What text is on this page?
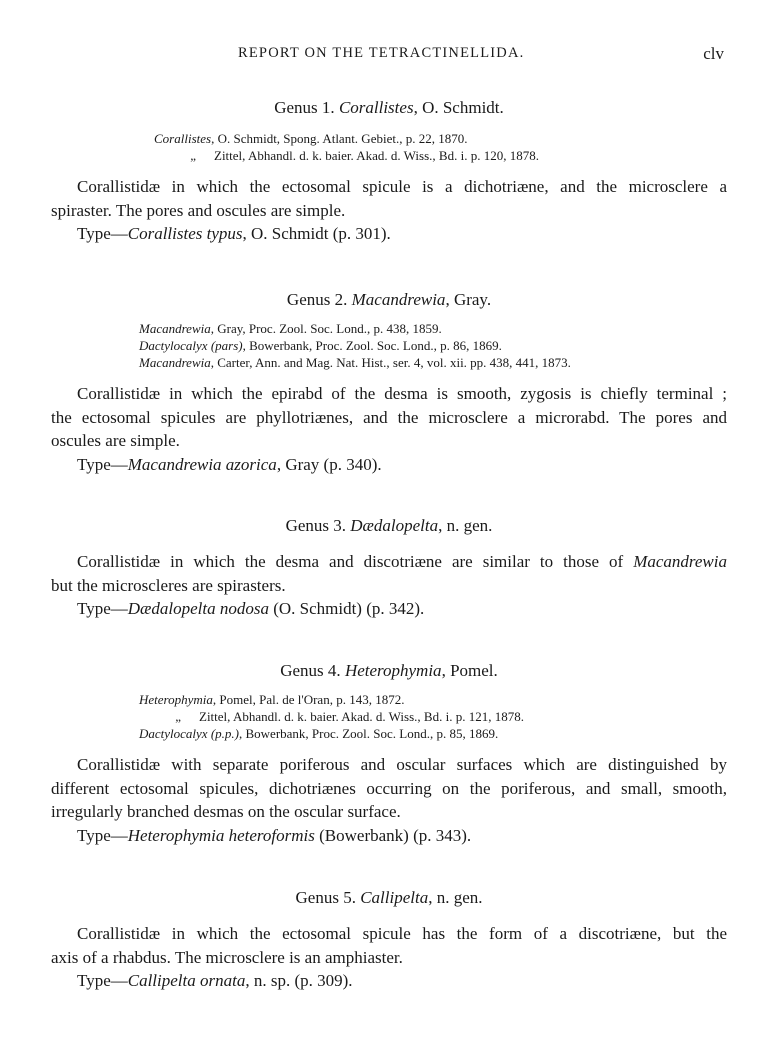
REPORT ON THE TETRACTINELLIDA.	clv
Genus 1. Corallistes, O. Schmidt.
Corallistes, O. Schmidt, Spong. Atlant. Gebiet., p. 22, 1870.
„ Zittel, Abhandl. d. k. baier. Akad. d. Wiss., Bd. i. p. 120, 1878.
Corallistidæ in which the ectosomal spicule is a dichotriæne, and the microsclere a
spiraster. The pores and oscules are simple.
Type—Corallistes typus, O. Schmidt (p. 301).
Genus 2. Macandrewia, Gray.
Macandrewia, Gray, Proc. Zool. Soc. Lond., p. 438, 1859.
Dactylocalyx (pars), Bowerbank, Proc. Zool. Soc. Lond., p. 86, 1869.
Macandrewia, Carter, Ann. and Mag. Nat. Hist., ser. 4, vol. xii. pp. 438, 441, 1873.
Corallistidæ in which the epirabd of the desma is smooth, zygosis is chiefly terminal ;
the ectosomal spicules are phyllotriænes, and the microsclere a microrabd. The pores and
oscules are simple.
Type—Macandrewia azorica, Gray (p. 340).
Genus 3. Dædalopelta, n. gen.
Corallistidæ in which the desma and discotriæne are similar to those of Macandrewia
but the microscleres are spirasters.
Type—Dædalopelta nodosa (O. Schmidt) (p. 342).
Genus 4. Heterophymia, Pomel.
Heterophymia, Pomel, Pal. de l'Oran, p. 143, 1872.
„ Zittel, Abhandl. d. k. baier. Akad. d. Wiss., Bd. i. p. 121, 1878.
Dactylocalyx (p.p.), Bowerbank, Proc. Zool. Soc. Lond., p. 85, 1869.
Corallistidæ with separate poriferous and oscular surfaces which are distinguished by
different ectosomal spicules, dichotriænes occurring on the poriferous, and small, smooth,
irregularly branched desmas on the oscular surface.
Type—Heterophymia heteroformis (Bowerbank) (p. 343).
Genus 5. Callipelta, n. gen.
Corallistidæ in which the ectosomal spicule has the form of a discotriæne, but the
axis of a rhabdus. The microsclere is an amphiaster.
Type—Callipelta ornata, n. sp. (p. 309).
